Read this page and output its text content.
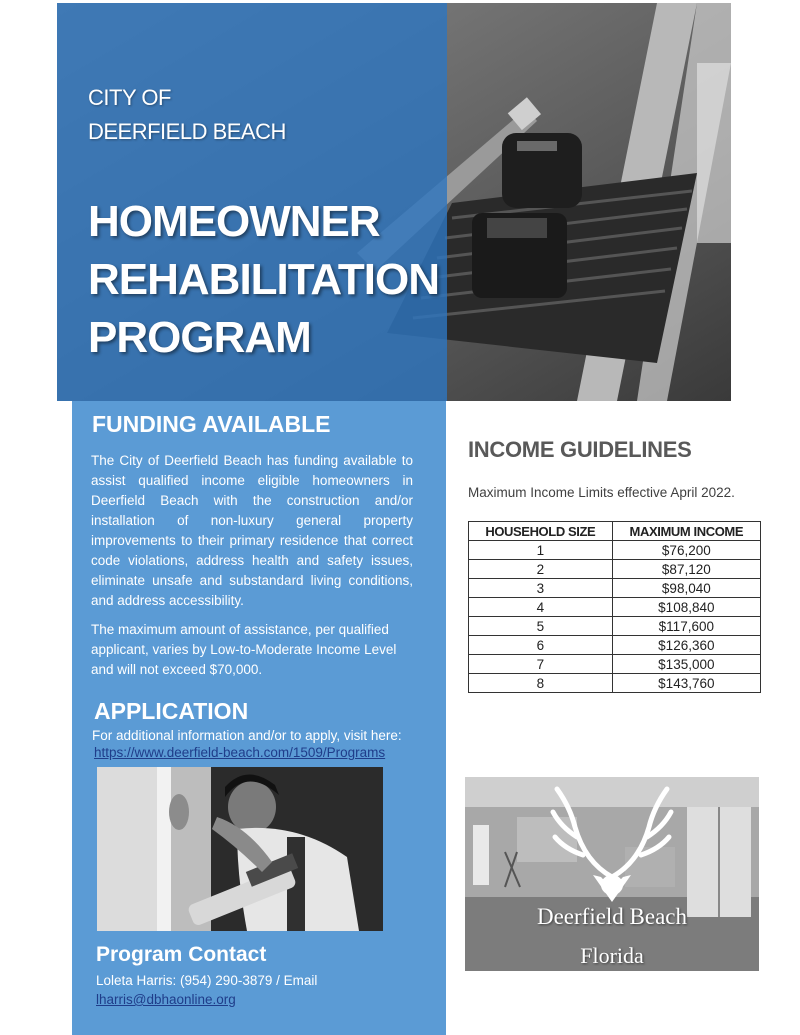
CITY OF
DEERFIELD BEACH
HOMEOWNER
REHABILITATION
PROGRAM
FUNDING AVAILABLE
The City of Deerfield Beach has funding available to assist qualified income eligible homeowners in Deerfield Beach with the construction and/or installation of non-luxury general property improvements to their primary residence that correct code violations, address health and safety issues, eliminate unsafe and substandard living conditions, and address accessibility.
The maximum amount of assistance, per qualified applicant, varies by Low-to-Moderate Income Level and will not exceed $70,000.
APPLICATION
For additional information and/or to apply, visit here:
https://www.deerfield-beach.com/1509/Programs
Program Contact
Loleta Harris: (954) 290-3879 / Email
lharris@dbhaonline.org
INCOME GUIDELINES
Maximum Income Limits effective April 2022.
HOUSEHOLD SIZE	MAXIMUM INCOME
1	$76,200
2	$87,120
3	$98,040
4	$108,840
5	$117,600
6	$126,360
7	$135,000
8	$143,760
Deerfield Beach
Florida
